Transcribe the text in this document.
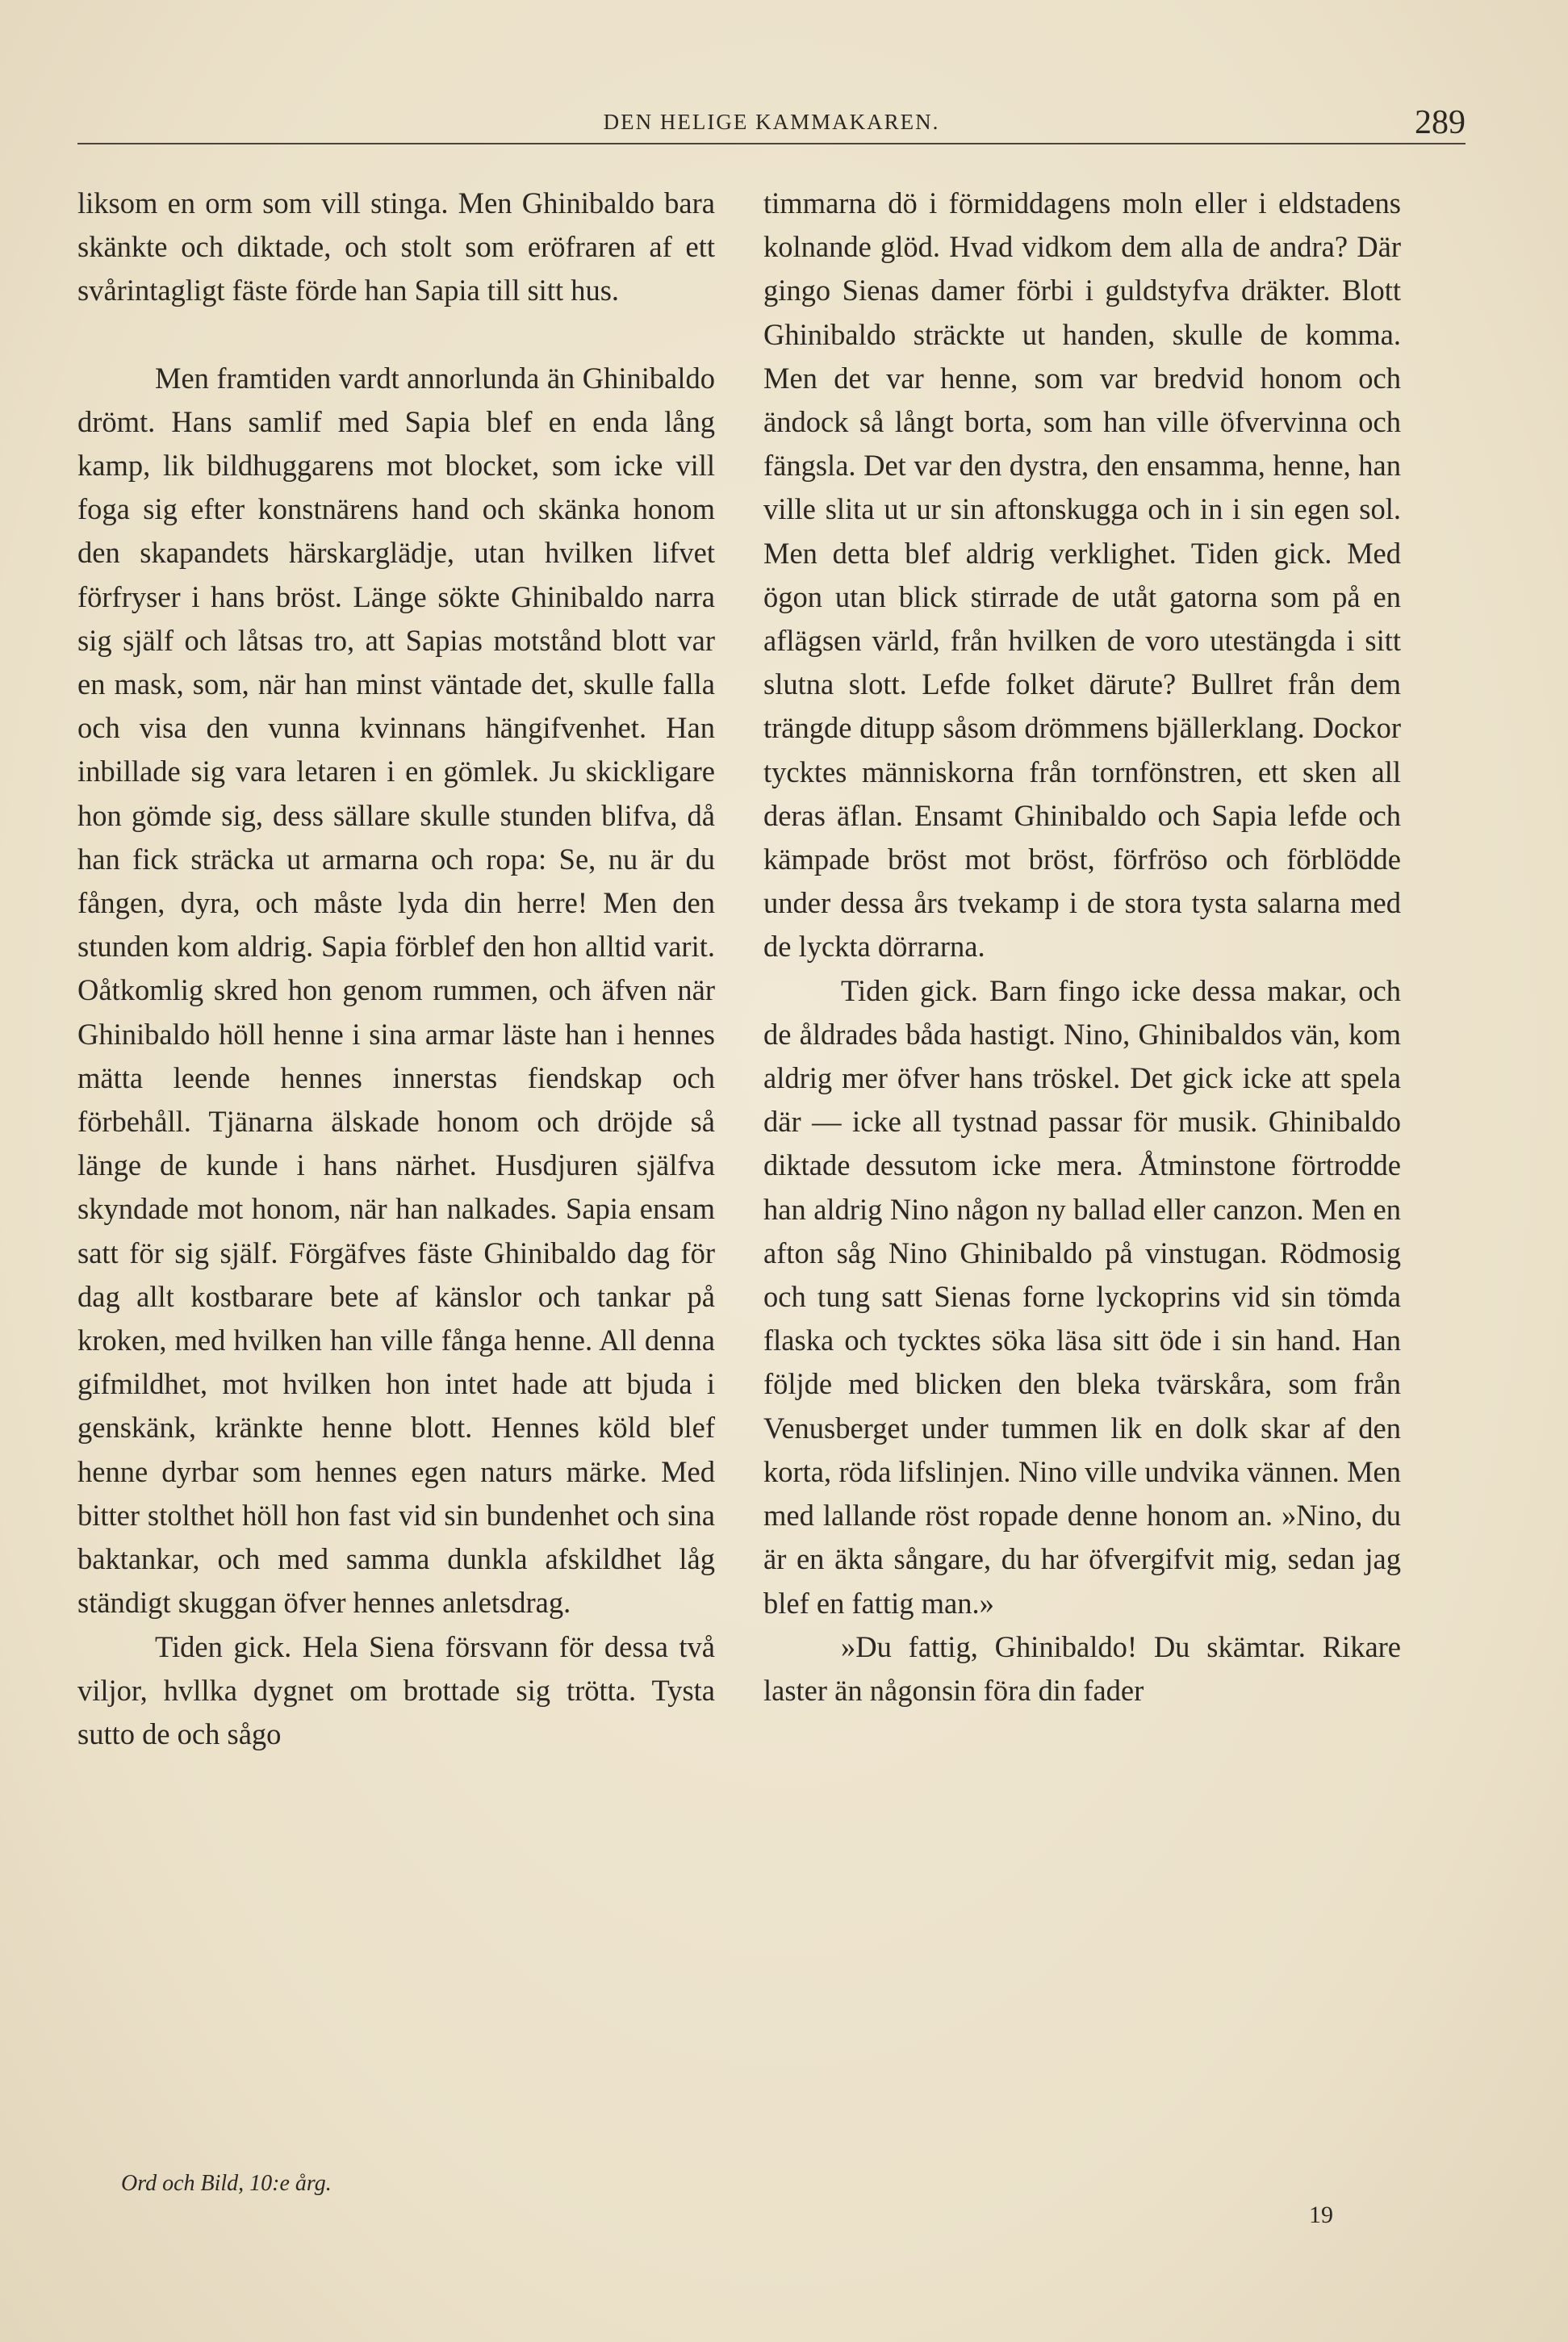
DEN HELIGE KAMMAKAREN.	289

liksom en orm som vill stinga. Men Ghinibaldo bara skänkte och diktade, och stolt som eröfraren af ett svårintagligt fäste förde han Sapia till sitt hus.

Men framtiden vardt annorlunda än Ghinibaldo drömt. Hans samlif med Sapia blef en enda lång kamp, lik bildhuggarens mot blocket, som icke vill foga sig efter konstnärens hand och skänka honom den skapandets härskarglädje, utan hvilken lifvet förfryser i hans bröst. Länge sökte Ghinibaldo narra sig själf och låtsas tro, att Sapias motstånd blott var en mask, som, när han minst väntade det, skulle falla och visa den vunna kvinnans hängifvenhet. Han inbillade sig vara letaren i en gömlek. Ju skickligare hon gömde sig, dess sällare skulle stunden blifva, då han fick sträcka ut armarna och ropa: Se, nu är du fången, dyra, och måste lyda din herre! Men den stunden kom aldrig. Sapia förblef den hon alltid varit. Oåtkomlig skred hon genom rummen, och äfven när Ghinibaldo höll henne i sina armar läste han i hennes mätta leende hennes innerstas fiendskap och förbehåll. Tjänarna älskade honom och dröjde så länge de kunde i hans närhet. Husdjuren själfva skyndade mot honom, när han nalkades. Sapia ensam satt för sig själf. Förgäfves fäste Ghinibaldo dag för dag allt kostbarare bete af känslor och tankar på kroken, med hvilken han ville fånga henne. All denna gifmildhet, mot hvilken hon intet hade att bjuda i genskänk, kränkte henne blott. Hennes köld blef henne dyrbar som hennes egen naturs märke. Med bitter stolthet höll hon fast vid sin bundenhet och sina baktankar, och med samma dunkla afskildhet låg ständigt skuggan öfver hennes anletsdrag.

Tiden gick. Hela Siena försvann för dessa två viljor, hvllka dygnet om brottade sig trötta. Tysta sutto de och sågo

timmarna dö i förmiddagens moln eller i eldstadens kolnande glöd. Hvad vidkom dem alla de andra? Där gingo Sienas damer förbi i guldstyfva dräkter. Blott Ghinibaldo sträckte ut handen, skulle de komma. Men det var henne, som var bredvid honom och ändock så långt borta, som han ville öfvervinna och fängsla. Det var den dystra, den ensamma, henne, han ville slita ut ur sin aftonskugga och in i sin egen sol. Men detta blef aldrig verklighet. Tiden gick. Med ögon utan blick stirrade de utåt gatorna som på en aflägsen värld, från hvilken de voro utestängda i sitt slutna slott. Lefde folket därute? Bullret från dem trängde ditupp såsom drömmens bjällerklang. Dockor tycktes människorna från tornfönstren, ett sken all deras äflan. Ensamt Ghinibaldo och Sapia lefde och kämpade bröst mot bröst, förfröso och förblödde under dessa års tvekamp i de stora tysta salarna med de lyckta dörrarna.

Tiden gick. Barn fingo icke dessa makar, och de åldrades båda hastigt. Nino, Ghinibaldos vän, kom aldrig mer öfver hans tröskel. Det gick icke att spela där — icke all tystnad passar för musik. Ghinibaldo diktade dessutom icke mera. Åtminstone förtrodde han aldrig Nino någon ny ballad eller canzon. Men en afton såg Nino Ghinibaldo på vinstugan. Rödmosig och tung satt Sienas forne lyckoprins vid sin tömda flaska och tycktes söka läsa sitt öde i sin hand. Han följde med blicken den bleka tvärskåra, som från Venusberget under tummen lik en dolk skar af den korta, röda lifslinjen. Nino ville undvika vännen. Men med lallande röst ropade denne honom an. »Nino, du är en äkta sångare, du har öfvergifvit mig, sedan jag blef en fattig man.»

»Du fattig, Ghinibaldo! Du skämtar. Rikare laster än någonsin föra din fader

Ord och Bild, 10:e årg.
19
